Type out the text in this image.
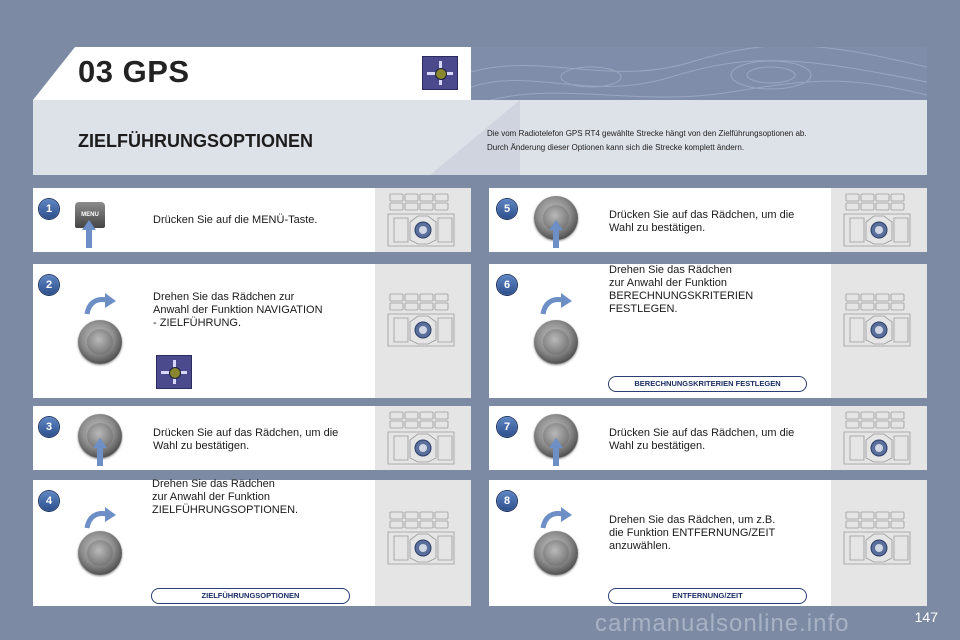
03 GPS
ZIELFÜHRUNGSOPTIONEN	Die vom Radiotelefon GPS RT4 gewählte Strecke hängt von den Zielführungsoptionen ab.
Durch Änderung dieser Optionen kann sich die Strecke komplett ändern.
1	MENU	Drücken Sie auf die MENÜ-Taste.
2
Drehen Sie das Rädchen zur
Anwahl der Funktion NAVIGATION
- ZIELFÜHRUNG.
3	Drücken Sie auf das Rädchen, um die
Wahl zu bestätigen.
4
Drehen Sie das Rädchen
zur Anwahl der Funktion
ZIELFÜHRUNGSOPTIONEN.
ZIELFÜHRUNGSOPTIONEN
5	Drücken Sie auf das Rädchen, um die
Wahl zu bestätigen.
6
Drehen Sie das Rädchen
zur Anwahl der Funktion
BERECHNUNGSKRITERIEN
FESTLEGEN.
BERECHNUNGSKRITERIEN FESTLEGEN
7	Drücken Sie auf das Rädchen, um die
Wahl zu bestätigen.
8
Drehen Sie das Rädchen, um z.B.
die Funktion ENTFERNUNG/ZEIT
anzuwählen.
ENTFERNUNG/ZEIT
carmanualsonline.info	147
